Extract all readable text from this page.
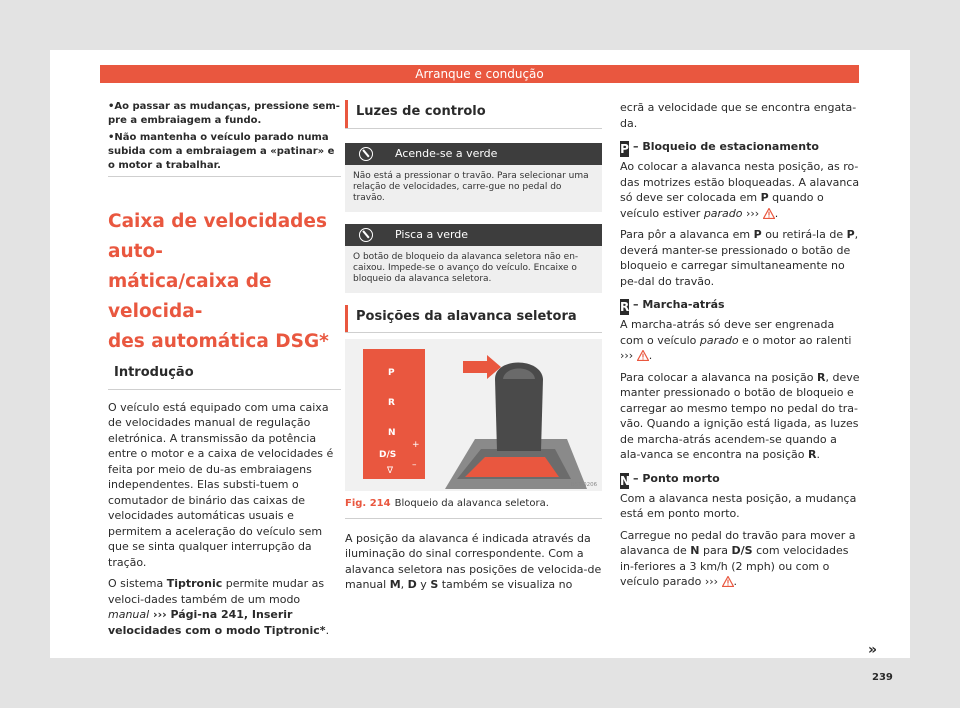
Arranque e condução
• Ao passar as mudanças, pressione sem-pre a embraiagem a fundo.
• Não mantenha o veículo parado numa subida com a embraiagem a «patinar» e o motor a trabalhar.
Caixa de velocidades auto-
mática/caixa de velocida-
des automática DSG*
Introdução

O veículo está equipado com uma caixa de velocidades manual de regulação eletrónica. A transmissão da potência entre o motor e a caixa de velocidades é feita por meio de du-as embraiagens independentes. Elas substi-tuem o comutador de binário das caixas de velocidades automáticas usuais e permitem a aceleração do veículo sem que se sinta qualquer interrupção da tração.

O sistema Tiptronic permite mudar as veloci-dades também de um modo manual ››› Pági-na 241, Inserir velocidades com o modo Tiptronic*.

Luzes de controlo
Acende-se a verde
Não está a pressionar o travão. Para selecionar uma relação de velocidades, carre-gue no pedal do travão.
Pisca a verde
O botão de bloqueio da alavanca seletora não en-caixou. Impede-se o avanço do veículo. Encaixe o bloqueio da alavanca seletora.
Posições da alavanca seletora
P
R
N
D/S
∇
+
–
B5T-0206
Fig. 214 Bloqueio da alavanca seletora.

A posição da alavanca é indicada através da iluminação do sinal correspondente. Com a alavanca seletora nas posições de velocida-de manual M, D y S também se visualiza no

ecrã a velocidade que se encontra engata-da.

P – Bloqueio de estacionamento

Ao colocar a alavanca nesta posição, as ro-das motrizes estão bloqueadas. A alavanca só deve ser colocada em P quando o veículo estiver parado ››› .

Para pôr a alavanca em P ou retirá-la de P, deverá manter-se pressionado o botão de bloqueio e carregar simultaneamente no pe-dal do travão.

R – Marcha-atrás

A marcha-atrás só deve ser engrenada com o veículo parado e o motor ao ralenti ››› .

Para colocar a alavanca na posição R, deve manter pressionado o botão de bloqueio e carregar ao mesmo tempo no pedal do tra-vão. Quando a ignição está ligada, as luzes de marcha-atrás acendem-se quando a ala-vanca se encontra na posição R.

N – Ponto morto

Com a alavanca nesta posição, a mudança está em ponto morto.

Carregue no pedal do travão para mover a alavanca de N para D/S com velocidades in-feriores a 3 km/h (2 mph) ou com o veículo parado ››› .

»
239
